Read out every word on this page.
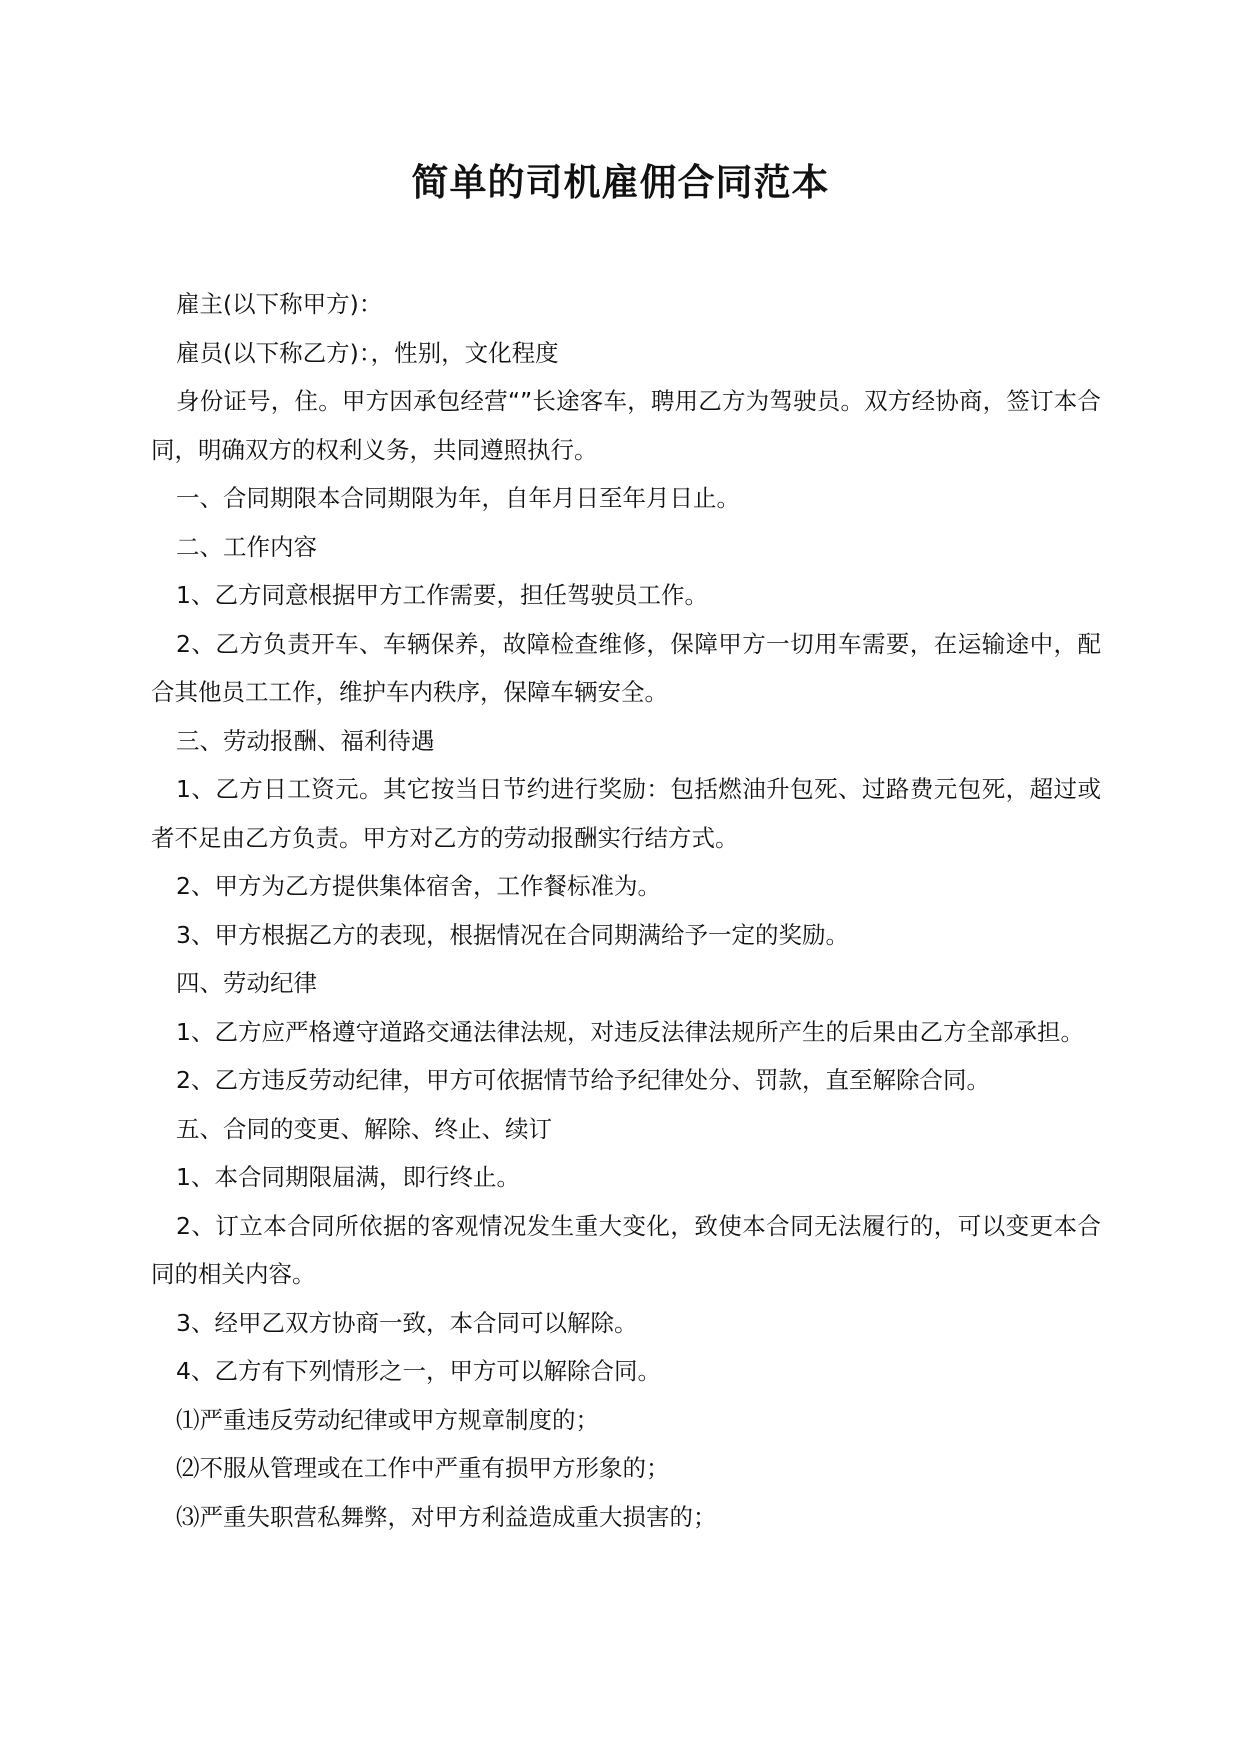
简单的司机雇佣合同范本

雇主(以下称甲方)：

雇员(以下称乙方)：，性别，文化程度

身份证号，住。甲方因承包经营“”长途客车，聘用乙方为驾驶员。双方经协商，签订本合同，明确双方的权利义务，共同遵照执行。

一、合同期限本合同期限为年，自年月日至年月日止。

二、工作内容

1、乙方同意根据甲方工作需要，担任驾驶员工作。

2、乙方负责开车、车辆保养，故障检查维修，保障甲方一切用车需要，在运输途中，配合其他员工工作，维护车内秩序，保障车辆安全。

三、劳动报酬、福利待遇

1、乙方日工资元。其它按当日节约进行奖励：包括燃油升包死、过路费元包死，超过或者不足由乙方负责。甲方对乙方的劳动报酬实行结方式。

2、甲方为乙方提供集体宿舍，工作餐标准为。

3、甲方根据乙方的表现，根据情况在合同期满给予一定的奖励。

四、劳动纪律

1、乙方应严格遵守道路交通法律法规，对违反法律法规所产生的后果由乙方全部承担。

2、乙方违反劳动纪律，甲方可依据情节给予纪律处分、罚款，直至解除合同。

五、合同的变更、解除、终止、续订

1、本合同期限届满，即行终止。

2、订立本合同所依据的客观情况发生重大变化，致使本合同无法履行的，可以变更本合同的相关内容。

3、经甲乙双方协商一致，本合同可以解除。

4、乙方有下列情形之一，甲方可以解除合同。

⑴严重违反劳动纪律或甲方规章制度的；

⑵不服从管理或在工作中严重有损甲方形象的；

⑶严重失职营私舞弊，对甲方利益造成重大损害的；
